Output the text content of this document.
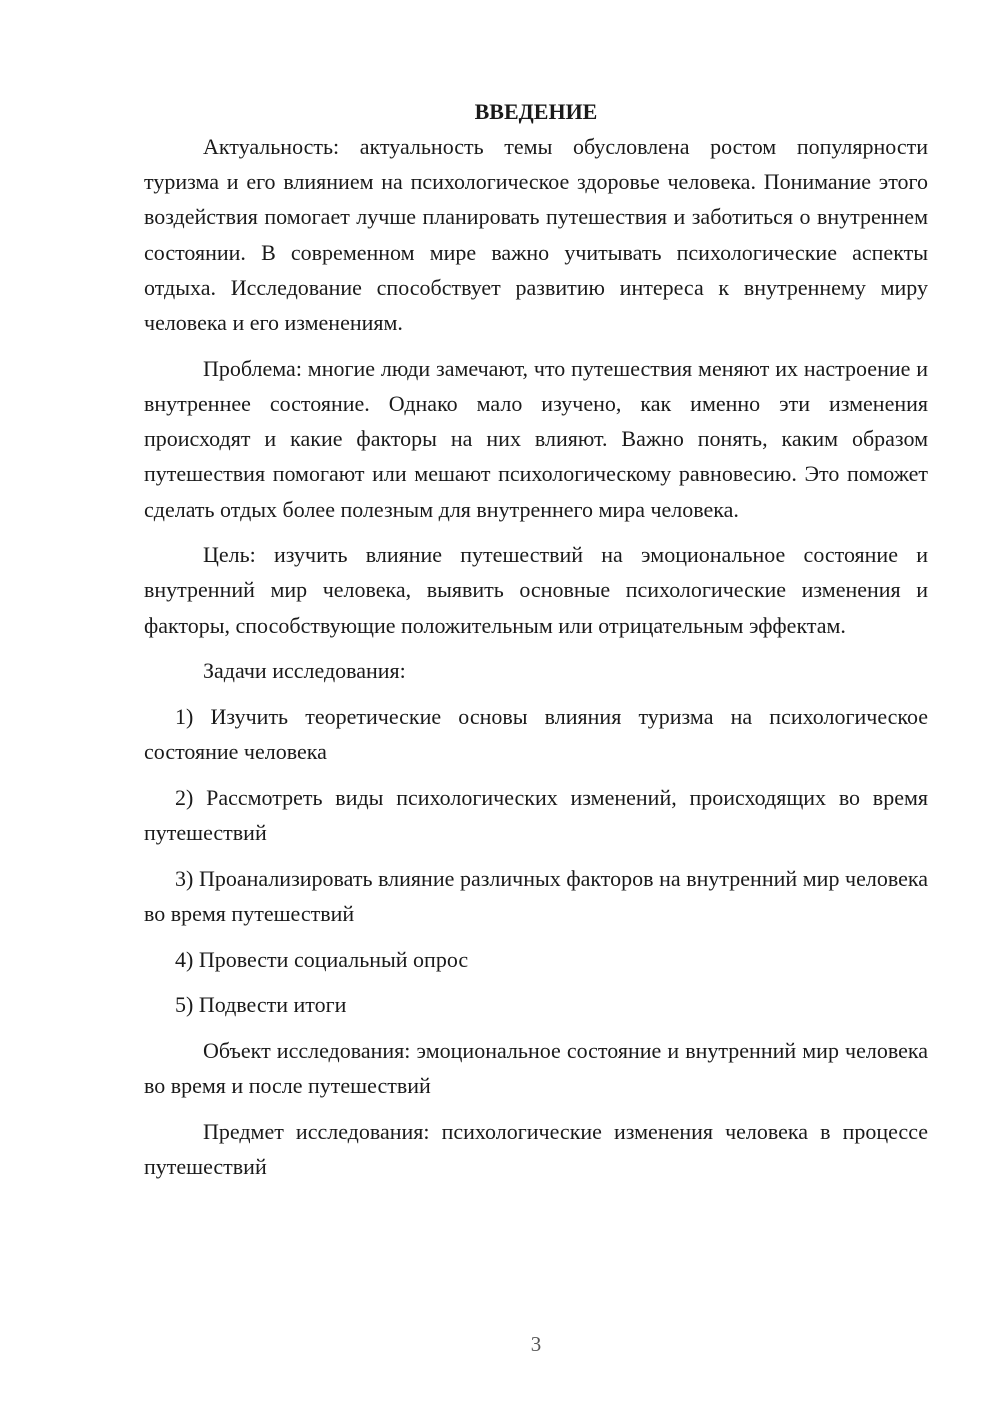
ВВЕДЕНИЕ

Актуальность: актуальность темы обусловлена ростом популярности туризма и его влиянием на психологическое здоровье человека. Понимание этого воздействия помогает лучше планировать путешествия и заботиться о внутреннем состоянии. В современном мире важно учитывать психологические аспекты отдыха. Исследование способствует развитию интереса к внутреннему миру человека и его изменениям.

Проблема: многие люди замечают, что путешествия меняют их настроение и внутреннее состояние. Однако мало изучено, как именно эти изменения происходят и какие факторы на них влияют. Важно понять, каким образом путешествия помогают или мешают психологическому равновесию. Это поможет сделать отдых более полезным для внутреннего мира человека.

Цель: изучить влияние путешествий на эмоциональное состояние и внутренний мир человека, выявить основные психологические изменения и факторы, способствующие положительным или отрицательным эффектам.

Задачи исследования:

1) Изучить теоретические основы влияния туризма на психологическое состояние человека

2) Рассмотреть виды психологических изменений, происходящих во время путешествий

3) Проанализировать влияние различных факторов на внутренний мир человека во время путешествий

4) Провести социальный опрос

5) Подвести итоги

Объект исследования: эмоциональное состояние и внутренний мир человека во время и после путешествий

Предмет исследования: психологические изменения человека в процессе путешествий

3
